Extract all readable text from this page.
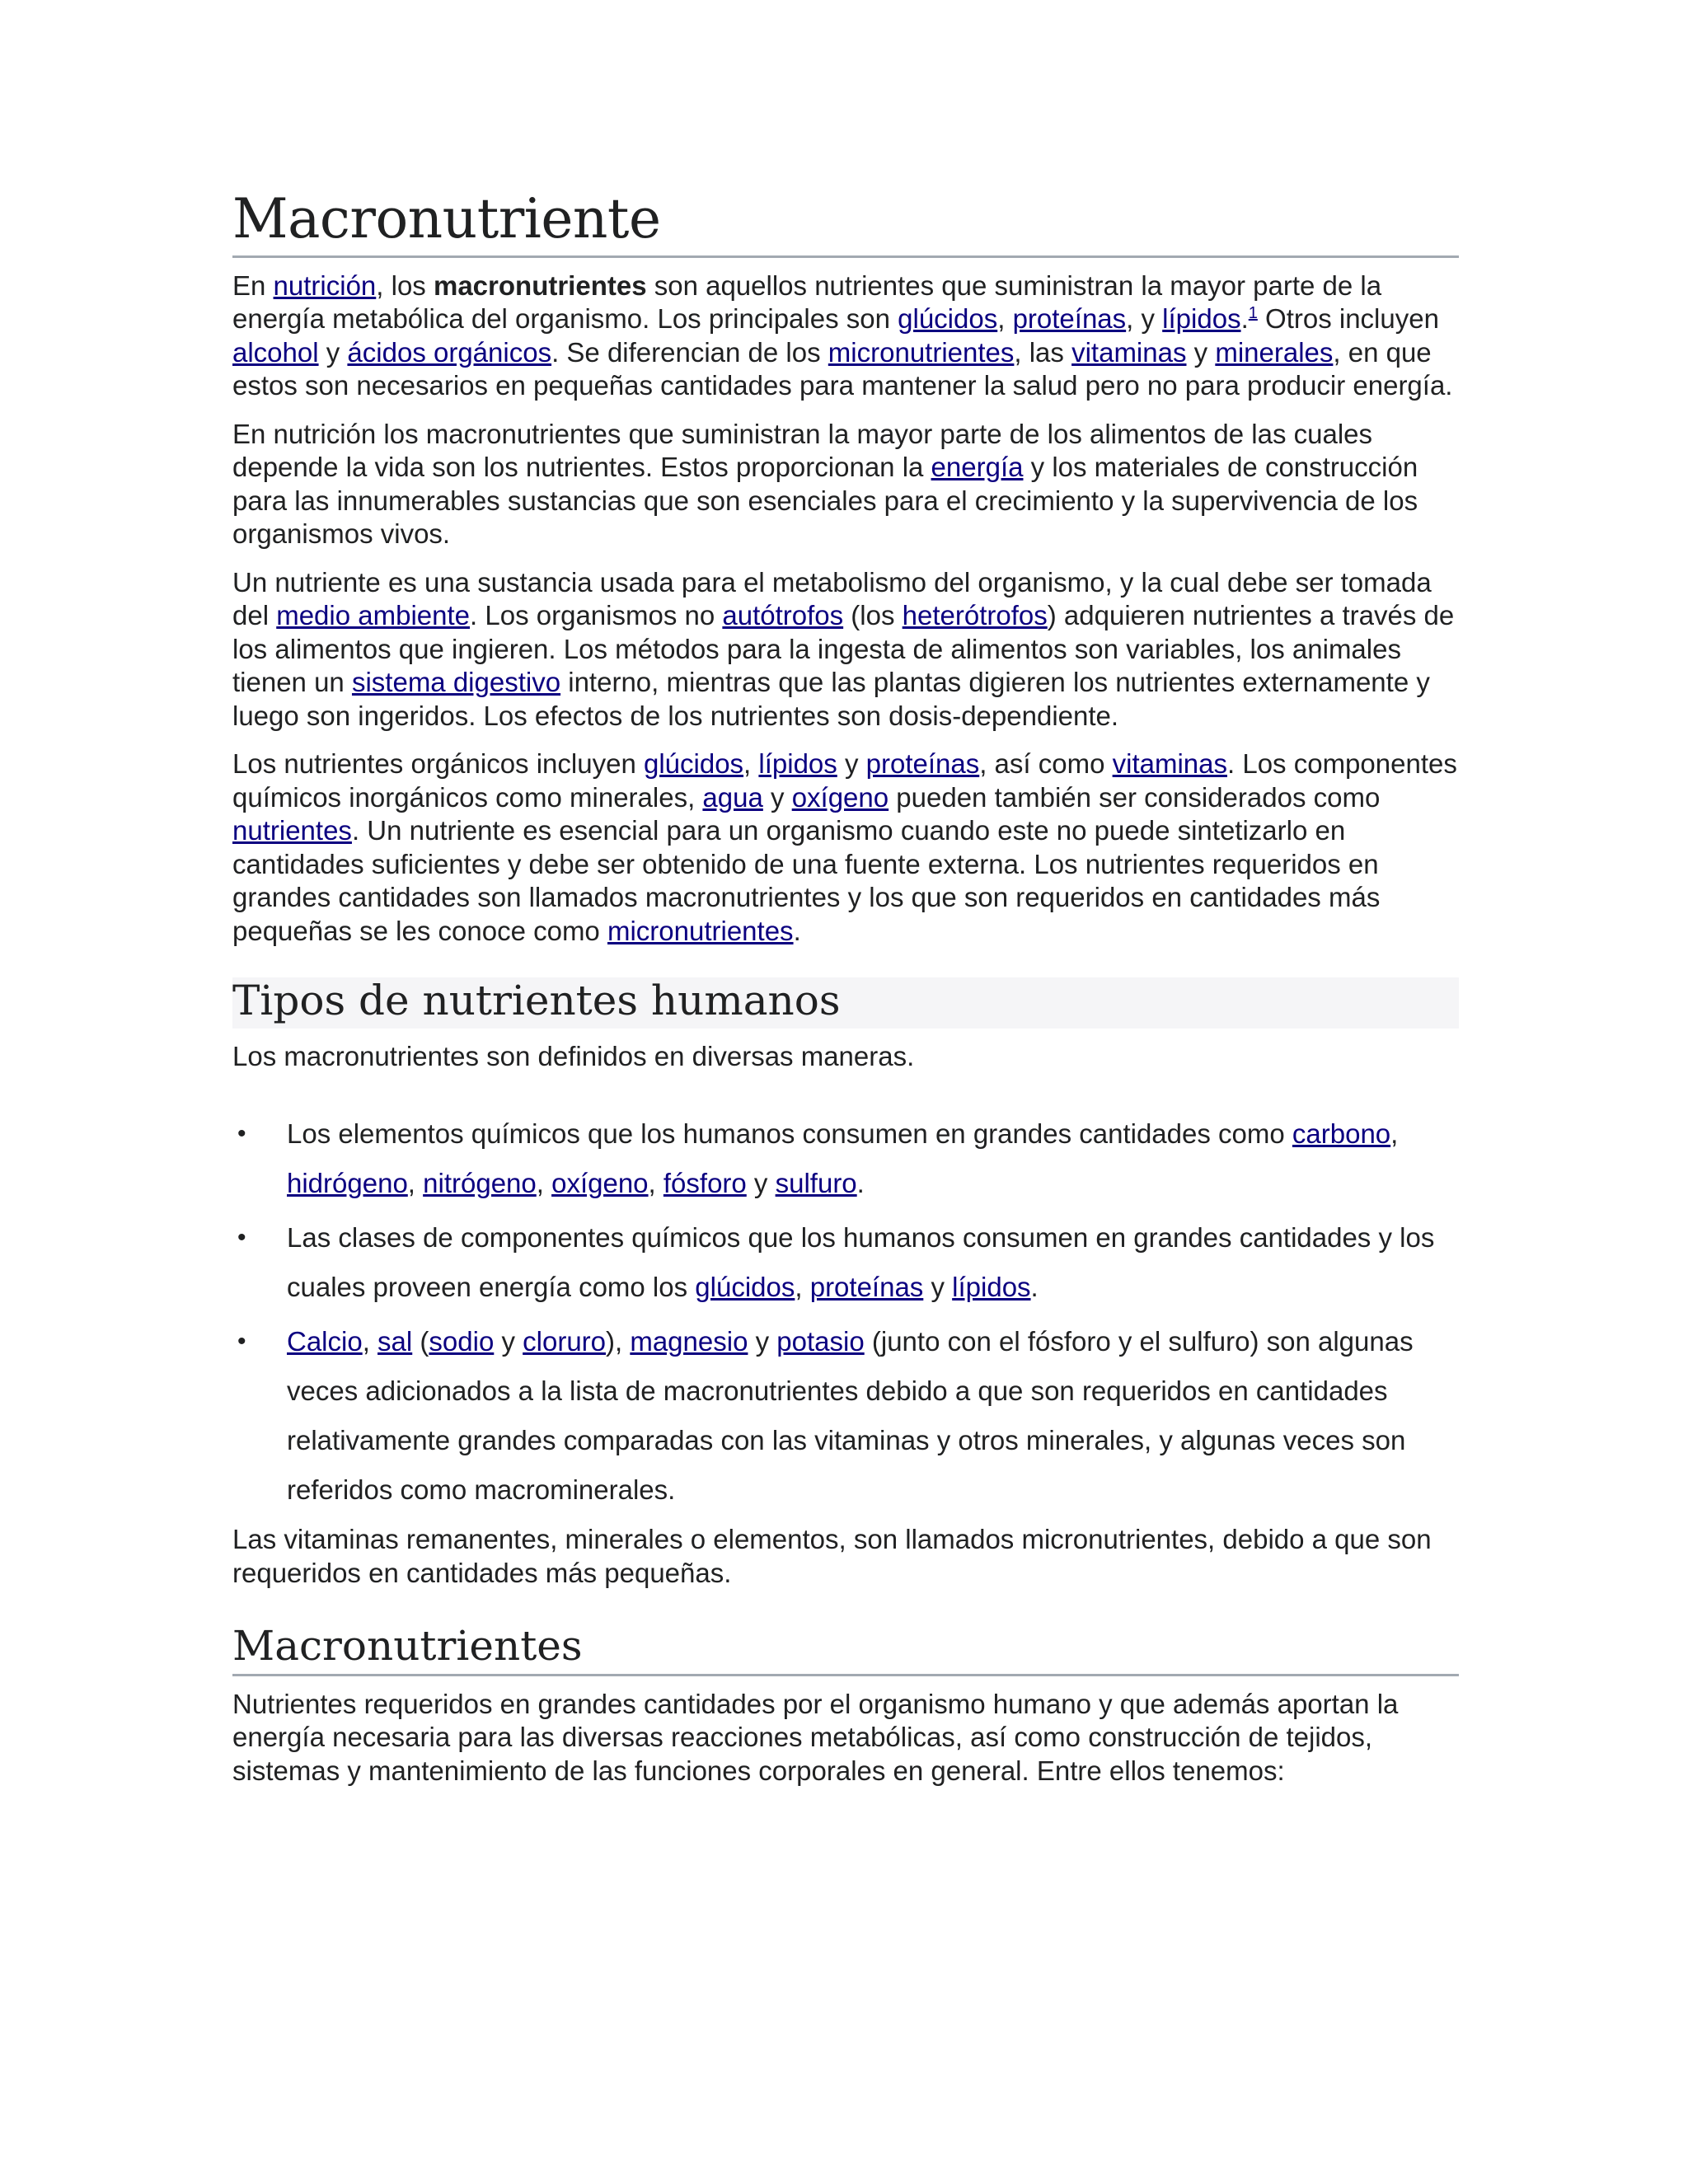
Macronutriente

En nutrición, los macronutrientes son aquellos nutrientes que suministran la mayor parte de la energía metabólica del organismo. Los principales son glúcidos, proteínas, y lípidos.$^1$ Otros incluyen alcohol y ácidos orgánicos. Se diferencian de los micronutrientes, las vitaminas y minerales, en que estos son necesarios en pequeñas cantidades para mantener la salud pero no para producir energía.

En nutrición los macronutrientes que suministran la mayor parte de los alimentos de las cuales depende la vida son los nutrientes. Estos proporcionan la energía y los materiales de construcción para las innumerables sustancias que son esenciales para el crecimiento y la supervivencia de los organismos vivos.

Un nutriente es una sustancia usada para el metabolismo del organismo, y la cual debe ser tomada del medio ambiente. Los organismos no autótrofos (los heterótrofos) adquieren nutrientes a través de los alimentos que ingieren. Los métodos para la ingesta de alimentos son variables, los animales tienen un sistema digestivo interno, mientras que las plantas digieren los nutrientes externamente y luego son ingeridos. Los efectos de los nutrientes son dosis-dependiente.

Los nutrientes orgánicos incluyen glúcidos, lípidos y proteínas, así como vitaminas. Los componentes químicos inorgánicos como minerales, agua y oxígeno pueden también ser considerados como nutrientes. Un nutriente es esencial para un organismo cuando este no puede sintetizarlo en cantidades suficientes y debe ser obtenido de una fuente externa. Los nutrientes requeridos en grandes cantidades son llamados macronutrientes y los que son requeridos en cantidades más pequeñas se les conoce como micronutrientes.

Tipos de nutrientes humanos

Los macronutrientes son definidos en diversas maneras.

• Los elementos químicos que los humanos consumen en grandes cantidades como carbono, hidrógeno, nitrógeno, oxígeno, fósforo y sulfuro.
• Las clases de componentes químicos que los humanos consumen en grandes cantidades y los cuales proveen energía como los glúcidos, proteínas y lípidos.
• Calcio, sal (sodio y cloruro), magnesio y potasio (junto con el fósforo y el sulfuro) son algunas veces adicionados a la lista de macronutrientes debido a que son requeridos en cantidades relativamente grandes comparadas con las vitaminas y otros minerales, y algunas veces son referidos como macrominerales.

Las vitaminas remanentes, minerales o elementos, son llamados micronutrientes, debido a que son requeridos en cantidades más pequeñas.

Macronutrientes

Nutrientes requeridos en grandes cantidades por el organismo humano y que además aportan la energía necesaria para las diversas reacciones metabólicas, así como construcción de tejidos, sistemas y mantenimiento de las funciones corporales en general. Entre ellos tenemos:
